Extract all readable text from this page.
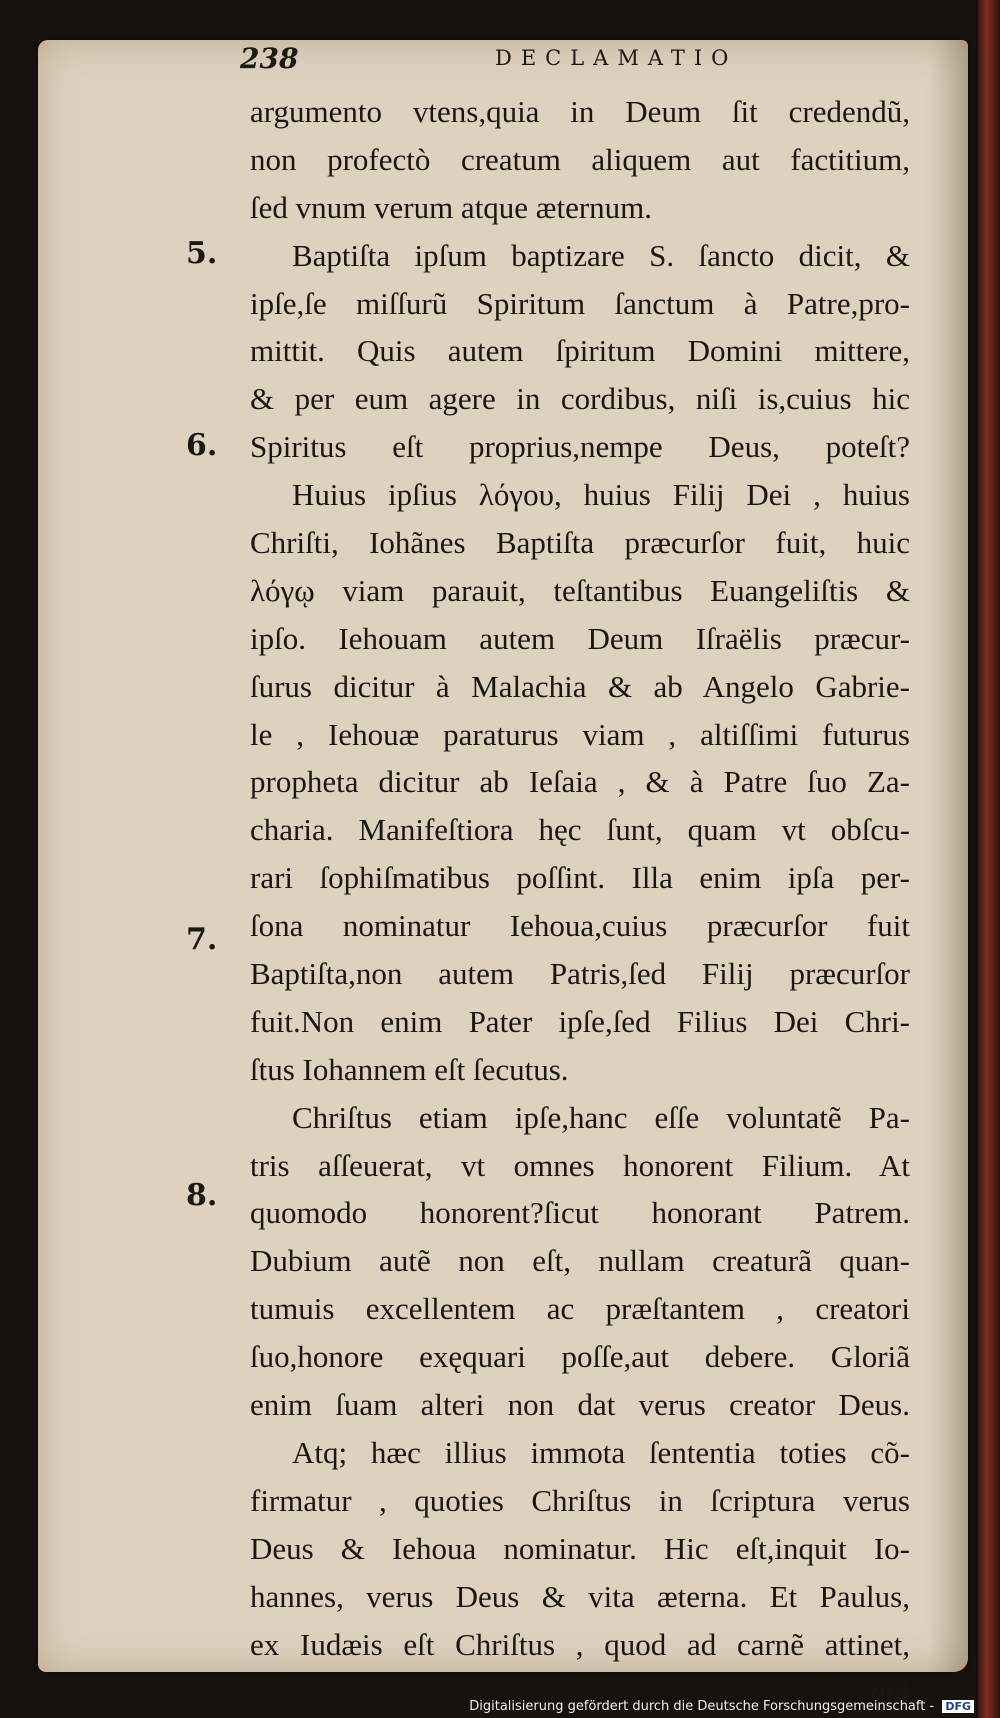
238	DECLAMATIO
5.
6.
7.
8.
argumento vtens,quia in Deum ſit credendũ,
non profectò creatum aliquem aut factitium,
ſed vnum verum atque æternum.
Baptiſta ipſum baptizare S. ſancto dicit, &
ipſe,ſe miſſurũ Spiritum ſanctum à Patre,pro-
mittit. Quis autem ſpiritum Domini mittere,
& per eum agere in cordibus, niſi is,cuius hic
Spiritus eſt proprius,nempe Deus, poteſt?
Huius ipſius λόγου, huius Filij Dei , huius
Chriſti, Iohãnes Baptiſta præcurſor fuit, huic
λόγῳ viam parauit, teſtantibus Euangeliſtis &
ipſo. Iehouam autem Deum Iſraëlis præcur-
ſurus dicitur à Malachia & ab Angelo Gabrie-
le , Iehouæ paraturus viam , altiſſimi futurus
propheta dicitur ab Ieſaia , & à Patre ſuo Za-
charia. Manifeſtiora hęc ſunt, quam vt obſcu-
rari ſophiſmatibus poſſint. Illa enim ipſa per-
ſona nominatur Iehoua,cuius præcurſor fuit
Baptiſta,non autem Patris,ſed Filij præcurſor
fuit.Non enim Pater ipſe,ſed Filius Dei Chri-
ſtus Iohannem eſt ſecutus.
Chriſtus etiam ipſe,hanc eſſe voluntatẽ Pa-
tris aſſeuerat, vt omnes honorent Filium. At
quomodo honorent?ſicut honorant Patrem.
Dubium autẽ non eſt, nullam creaturã quan-
tumuis excellentem ac præſtantem , creatori
ſuo,honore exęquari poſſe,aut debere. Gloriã
enim ſuam alteri non dat verus creator Deus.
Atq; hæc illius immota ſententia toties cõ-
firmatur , quoties Chriſtus in ſcriptura verus
Deus & Iehoua nominatur. Hic eſt,inquit Io-
hannes, verus Deus & vita æterna. Et Paulus,
ex Iudæis eſt Chriſtus , quod ad carnẽ attinet,
qui
Digitalisierung gefördert durch die Deutsche Forschungsgemeinschaft - DFG
